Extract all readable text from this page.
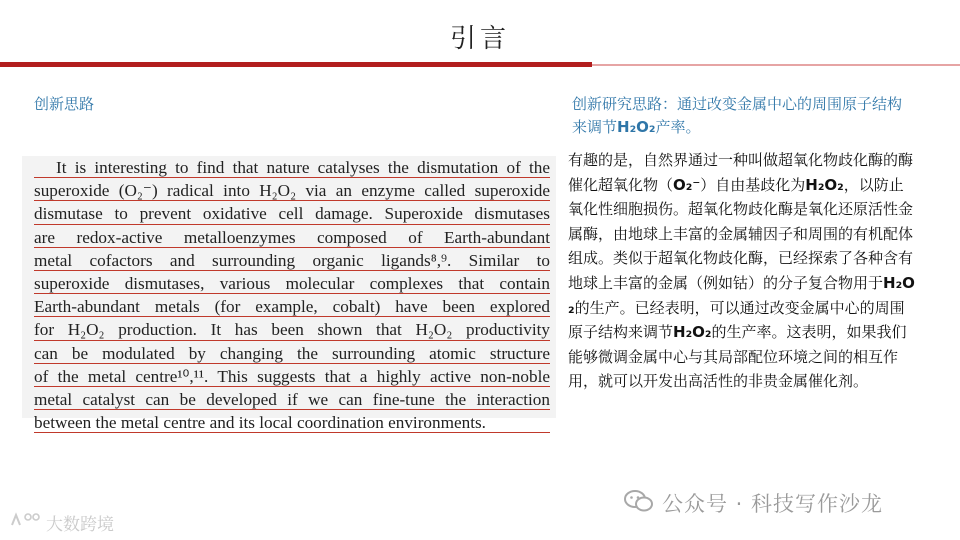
引言
创新思路	创新研究思路：通过改变金属中心的周围原子结构来调节H₂O₂产率。
It is interesting to find that nature catalyses the dismutation of the
superoxide (O₂⁻) radical into H₂O₂ via an enzyme called superoxide
dismutase to prevent oxidative cell damage. Superoxide dismutases
are redox-active metalloenzymes composed of Earth-abundant
metal cofactors and surrounding organic ligands⁸,⁹. Similar to
superoxide dismutases, various molecular complexes that contain
Earth-abundant metals (for example, cobalt) have been explored
for H₂O₂ production. It has been shown that H₂O₂ productivity
can be modulated by changing the surrounding atomic structure
of the metal centre¹⁰,¹¹. This suggests that a highly active non-noble
metal catalyst can be developed if we can fine-tune the interaction
between the metal centre and its local coordination environments.
有趣的是，自然界通过一种叫做超氧化物歧化酶的酶催化超氧化物（O₂⁻）自由基歧化为H₂O₂，以防止氧化性细胞损伤。超氧化物歧化酶是氧化还原活性金属酶，由地球上丰富的金属辅因子和周围的有机配体组成。类似于超氧化物歧化酶，已经探索了各种含有地球上丰富的金属（例如钴）的分子复合物用于H₂O₂的生产。已经表明，可以通过改变金属中心的周围原子结构来调节H₂O₂的生产率。这表明，如果我们能够微调金属中心与其局部配位环境之间的相互作用，就可以开发出高活性的非贵金属催化剂。
公众号 · 科技写作沙龙
大数跨境
